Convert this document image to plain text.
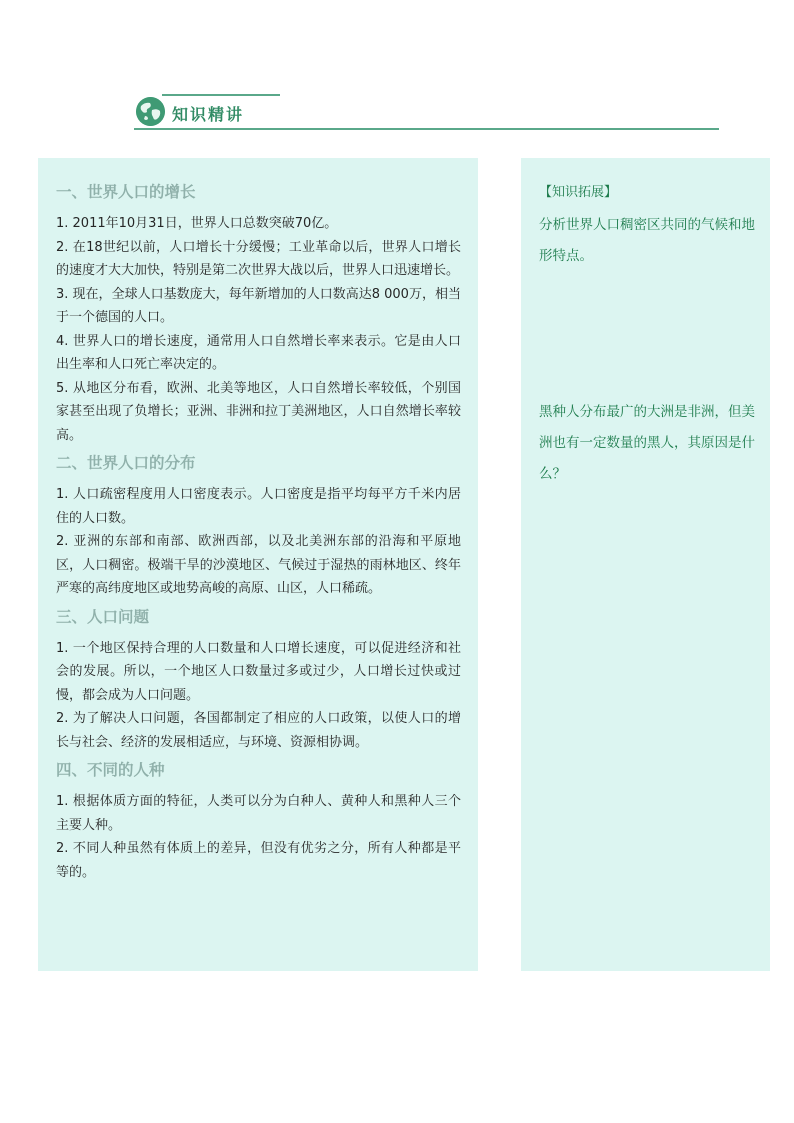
知识精讲
一、世界人口的增长

1. 2011年10月31日，世界人口总数突破70亿。

2. 在18世纪以前，人口增长十分缓慢；工业革命以后，世界人口增长的速度才大大加快，特别是第二次世界大战以后，世界人口迅速增长。

3. 现在，全球人口基数庞大，每年新增加的人口数高达8 000万，相当于一个德国的人口。

4. 世界人口的增长速度，通常用人口自然增长率来表示。它是由人口出生率和人口死亡率决定的。

5. 从地区分布看，欧洲、北美等地区，人口自然增长率较低，个别国家甚至出现了负增长；亚洲、非洲和拉丁美洲地区，人口自然增长率较高。

二、世界人口的分布

1. 人口疏密程度用人口密度表示。人口密度是指平均每平方千米内居住的人口数。

2. 亚洲的东部和南部、欧洲西部，以及北美洲东部的沿海和平原地区，人口稠密。极端干旱的沙漠地区、气候过于湿热的雨林地区、终年严寒的高纬度地区或地势高峻的高原、山区，人口稀疏。

三、人口问题

1. 一个地区保持合理的人口数量和人口增长速度，可以促进经济和社会的发展。所以，一个地区人口数量过多或过少，人口增长过快或过慢，都会成为人口问题。

2. 为了解决人口问题，各国都制定了相应的人口政策，以使人口的增长与社会、经济的发展相适应，与环境、资源相协调。

四、不同的人种

1. 根据体质方面的特征，人类可以分为白种人、黄种人和黑种人三个主要人种。

2. 不同人种虽然有体质上的差异，但没有优劣之分，所有人种都是平等的。

【知识拓展】

分析世界人口稠密区共同的气候和地形特点。

黑种人分布最广的大洲是非洲，但美洲也有一定数量的黑人，其原因是什么？
